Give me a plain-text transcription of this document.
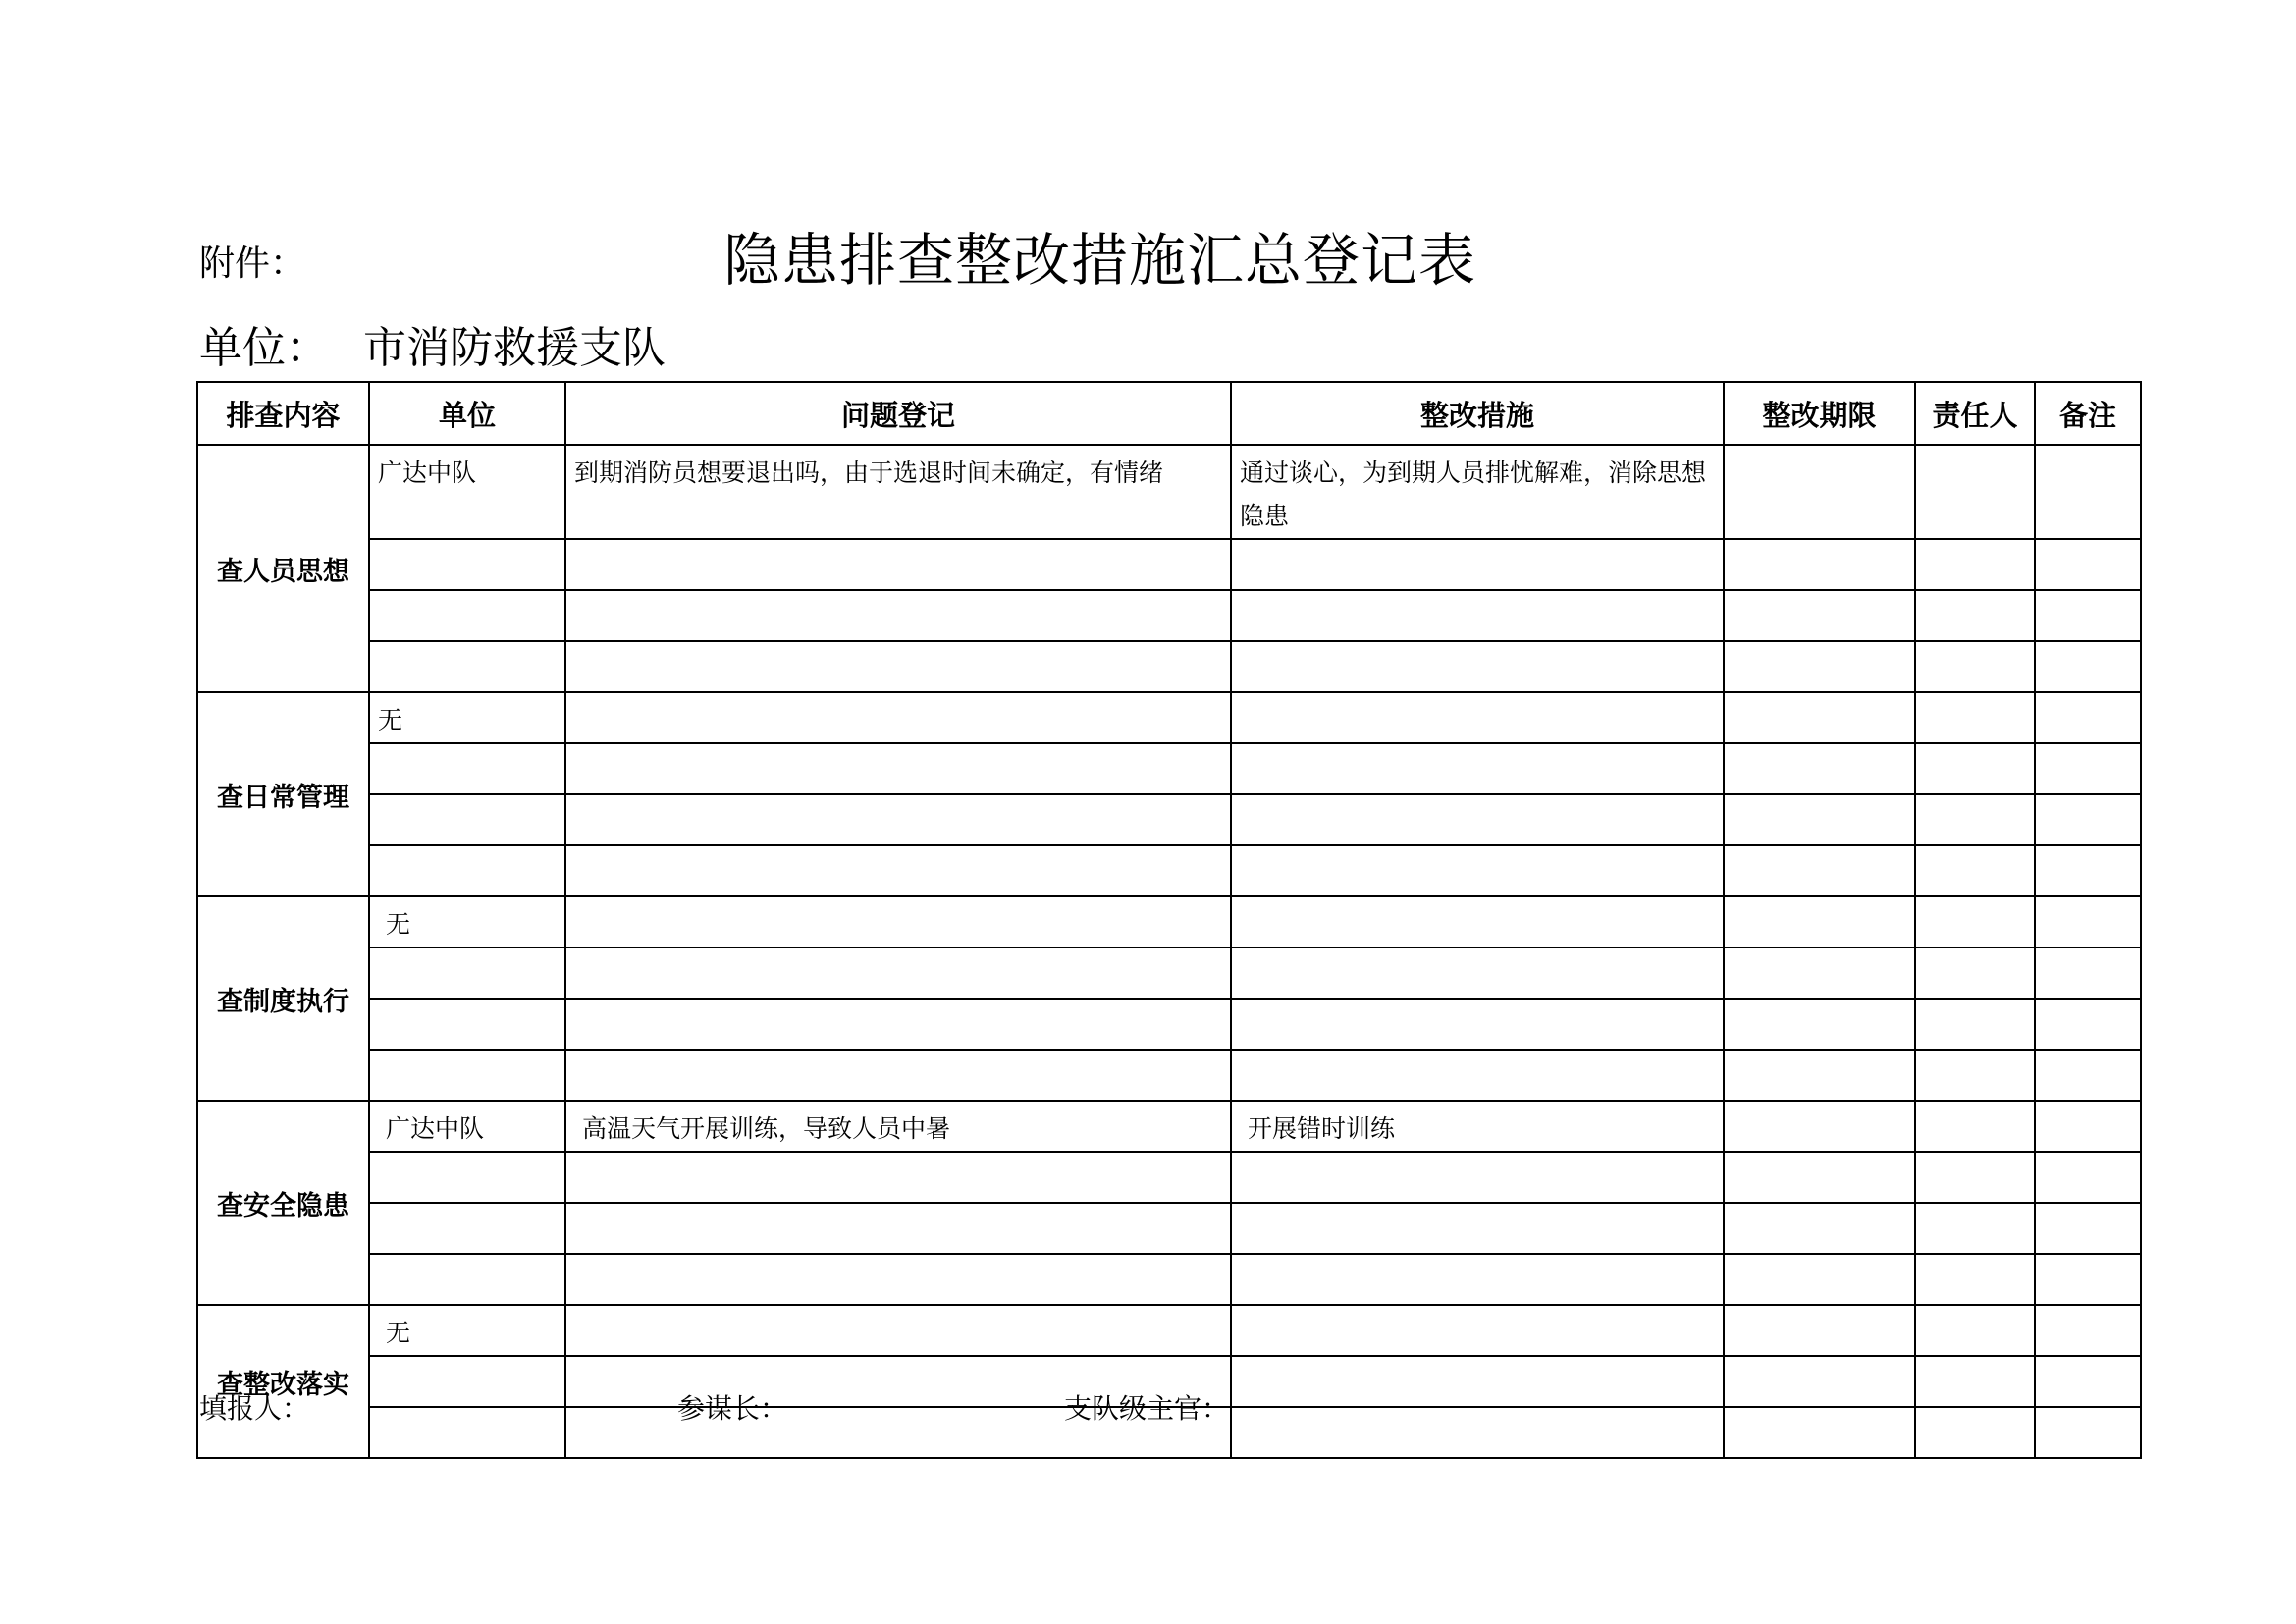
附件：	隐患排查整改措施汇总登记表
单位： 市消防救援支队
排查内容	单位	问题登记	整改措施	整改期限	责任人	备注
查人员思想	广达中队	到期消防员想要退出吗，由于选退时间未确定，有情绪	通过谈心，为到期人员排忧解难，消除思想隐患			

查日常管理	无					

查制度执行	无					

查安全隐患	广达中队	高温天气开展训练，导致人员中暑	开展错时训练			

查整改落实	无					

填报人：	参谋长：	支队级主官：
